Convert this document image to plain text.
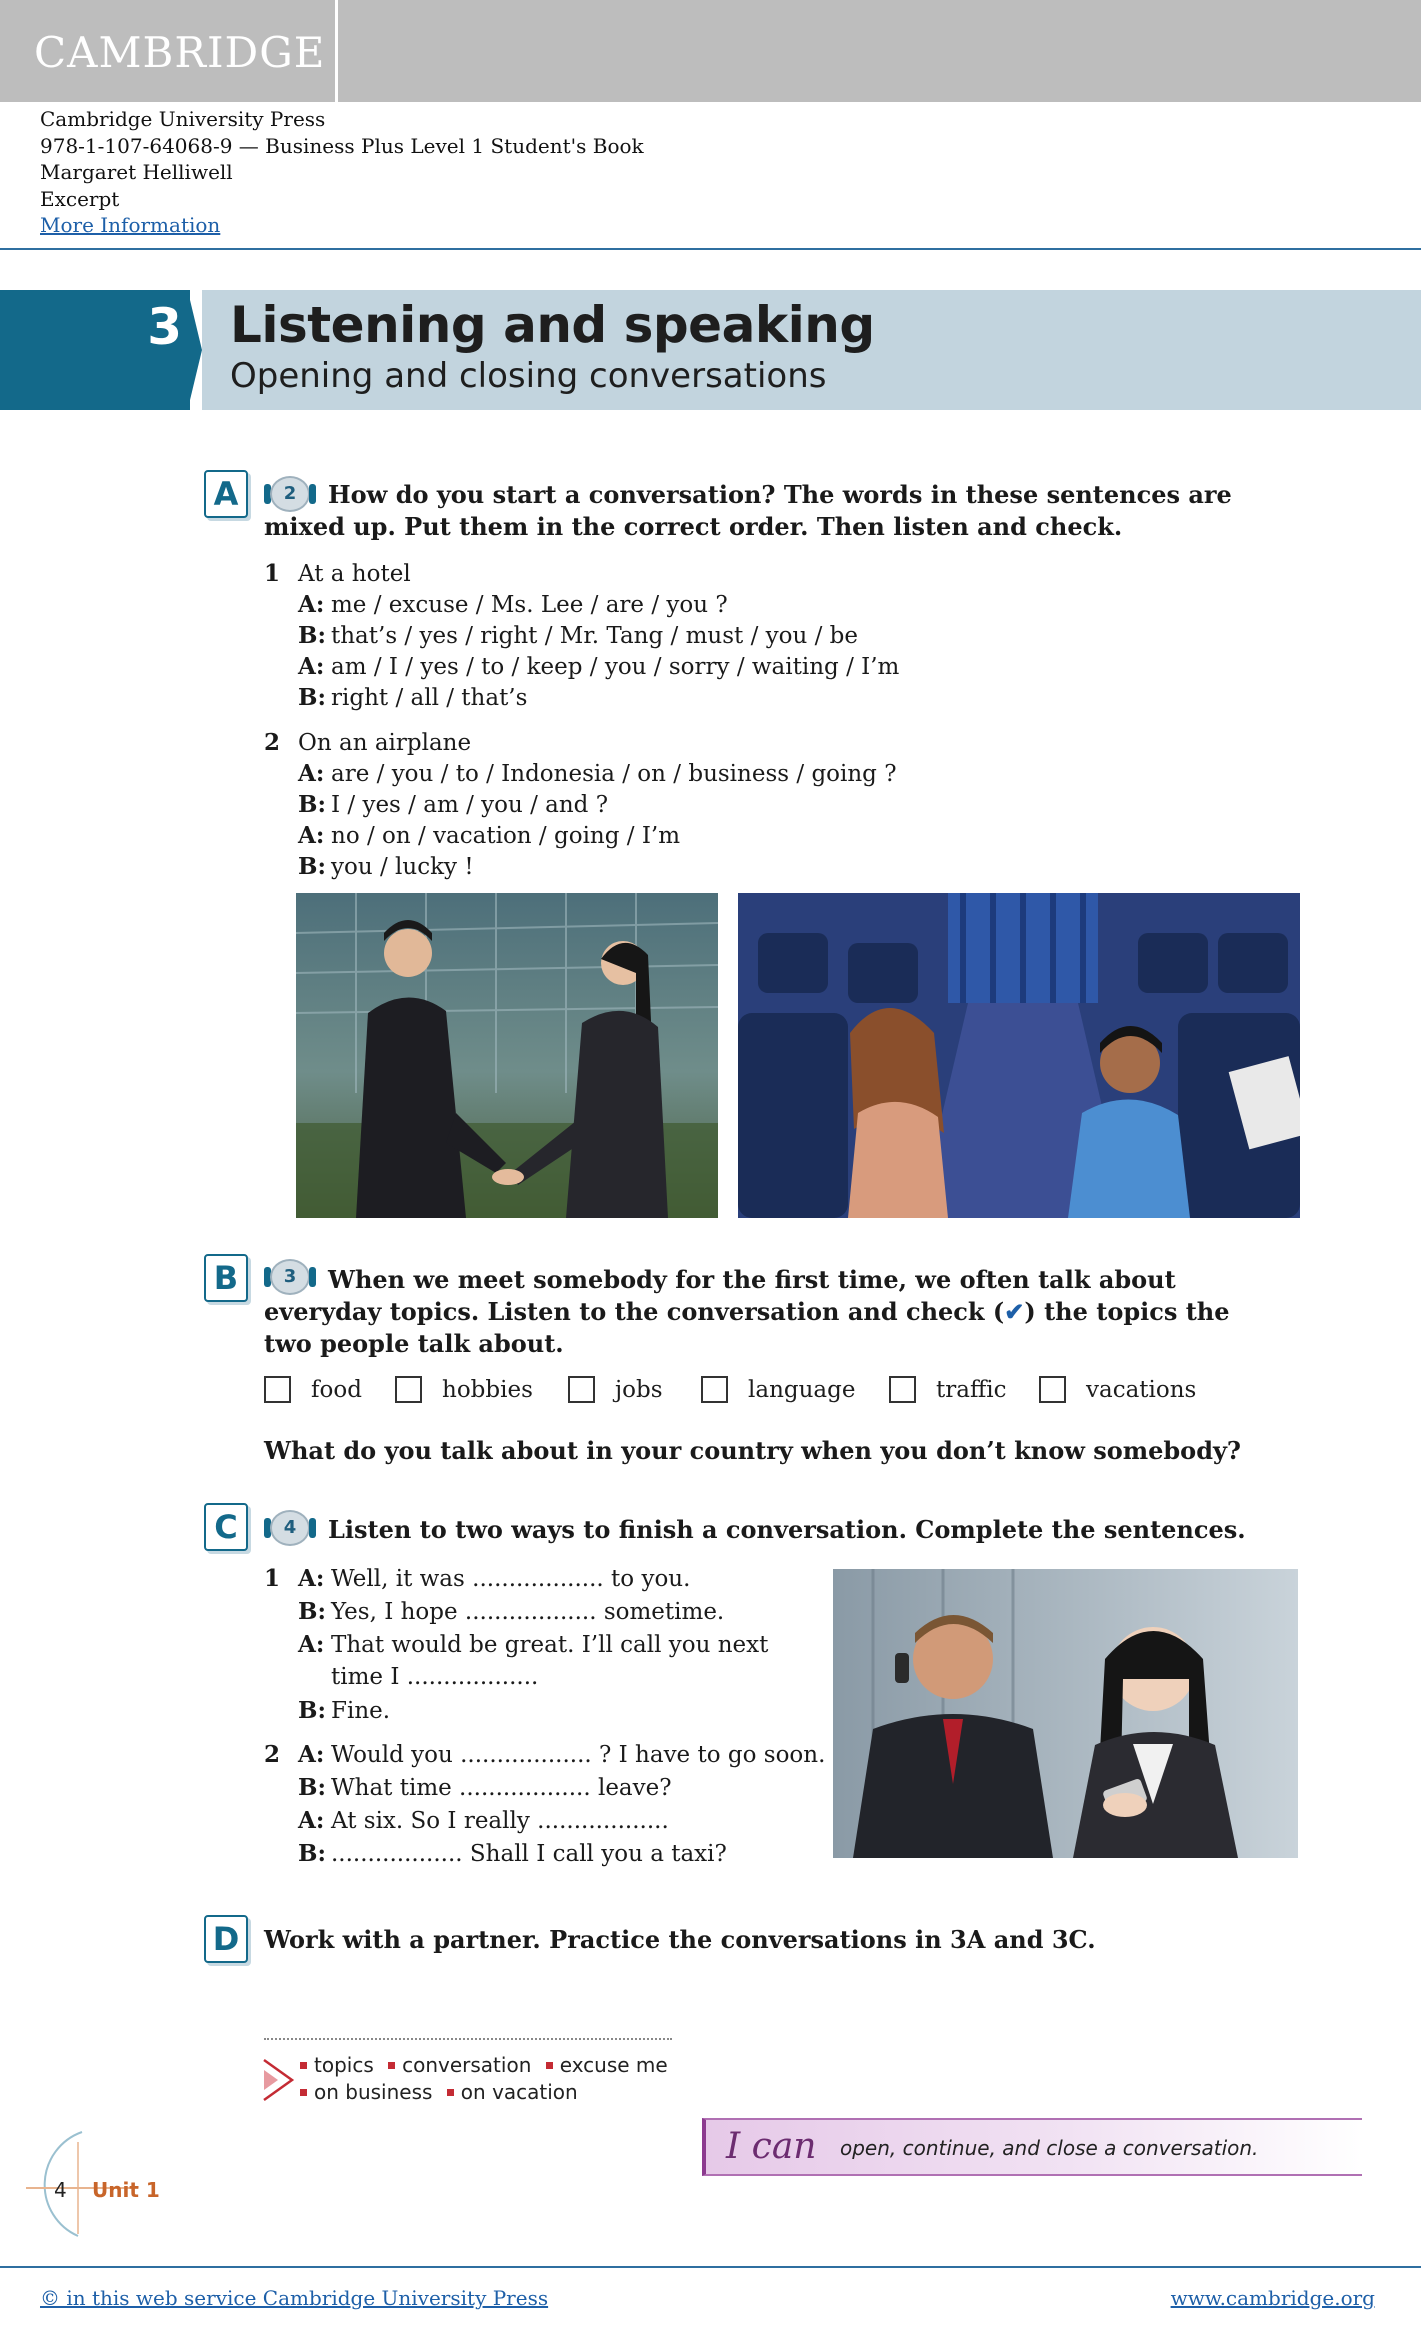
CAMBRIDGE
Cambridge University Press
978-1-107-64068-9 — Business Plus Level 1 Student's Book
Margaret Helliwell
Excerpt
More Information
3 Listening and speaking
Opening and closing conversations
A	2	How do you start a conversation? The words in these sentences are mixed up. Put them in the correct order. Then listen and check.
1 At a hotel
A: me / excuse / Ms. Lee / are / you ?
B: that’s / yes / right / Mr. Tang / must / you / be
A: am / I / yes / to / keep / you / sorry / waiting / I’m
B: right / all / that’s
2 On an airplane
A: are / you / to / Indonesia / on / business / going ?
B: I / yes / am / you / and ?
A: no / on / vacation / going / I’m
B: you / lucky !
B	3	When we meet somebody for the first time, we often talk about everyday topics. Listen to the conversation and check (✔) the topics the two people talk about.
food	hobbies	jobs	language	traffic	vacations
What do you talk about in your country when you don’t know somebody?
C	4	Listen to two ways to finish a conversation. Complete the sentences.
1 A: Well, it was .................. to you.
B: Yes, I hope .................. sometime.
A: That would be great. I’ll call you next
time I ..................
B: Fine.
2 A: Would you .................. ? I have to go soon.
B: What time .................. leave?
A: At six. So I really ..................
B: .................. Shall I call you a taxi?
D	Work with a partner. Practice the conversations in 3A and 3C.
topics conversation excuse me
on business on vacation
I can open, continue, and close a conversation.
4 Unit 1
© in this web service Cambridge University Press	www.cambridge.org
